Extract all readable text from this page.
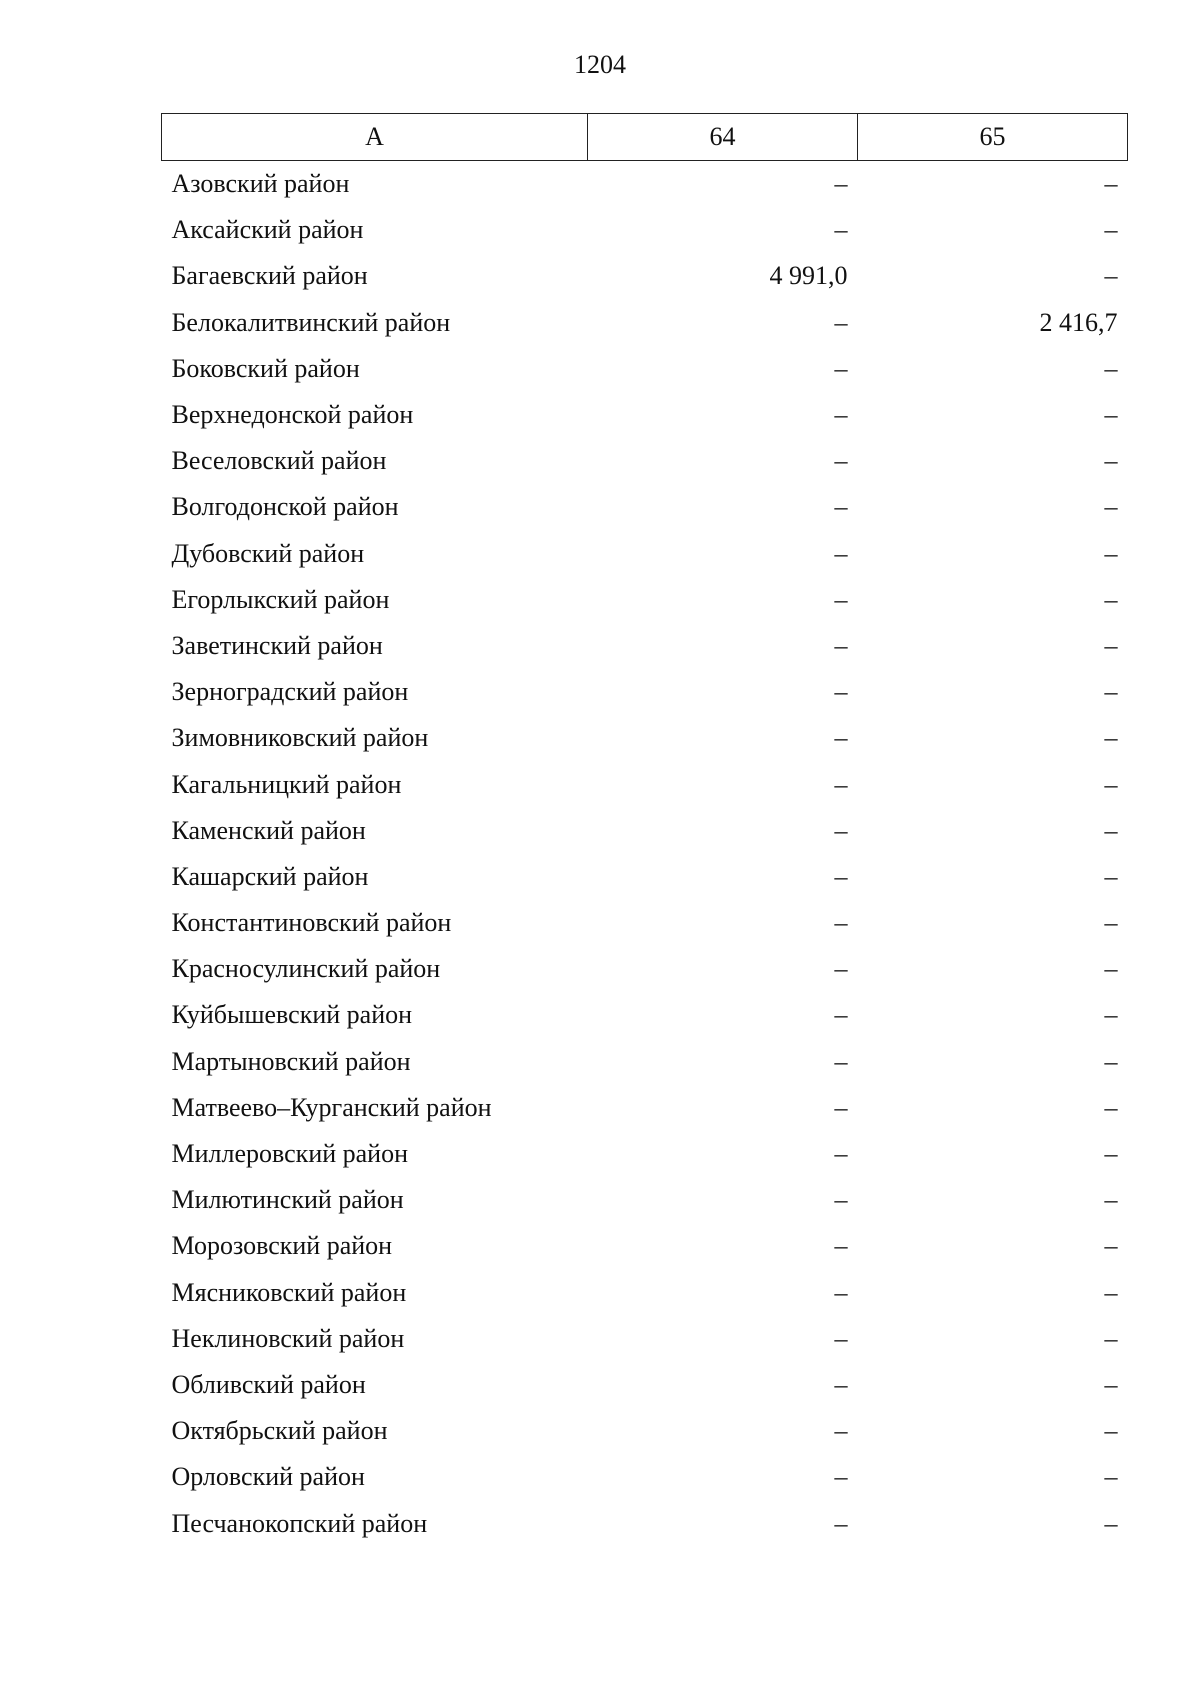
1204
А	64	65
Азовский район	–	–
Аксайский район	–	–
Багаевский район	4 991,0	–
Белокалитвинский район	–	2 416,7
Боковский район	–	–
Верхнедонской район	–	–
Веселовский район	–	–
Волгодонской район	–	–
Дубовский район	–	–
Егорлыкский район	–	–
Заветинский район	–	–
Зерноградский район	–	–
Зимовниковский район	–	–
Кагальницкий район	–	–
Каменский район	–	–
Кашарский район	–	–
Константиновский район	–	–
Красносулинский район	–	–
Куйбышевский район	–	–
Мартыновский район	–	–
Матвеево–Курганский район	–	–
Миллеровский район	–	–
Милютинский район	–	–
Морозовский район	–	–
Мясниковский район	–	–
Неклиновский район	–	–
Обливский район	–	–
Октябрьский район	–	–
Орловский район	–	–
Песчанокопский район	–	–
